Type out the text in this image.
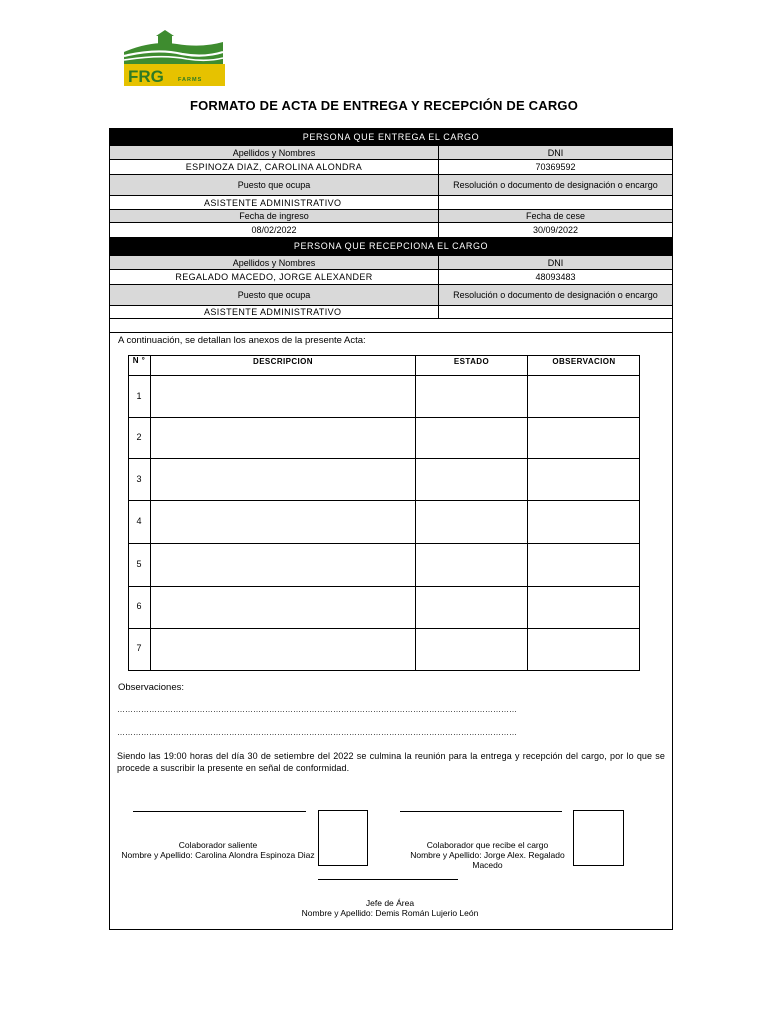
FRG	FARMS
FORMATO DE ACTA DE ENTREGA Y RECEPCIÓN DE CARGO
PERSONA QUE ENTREGA EL CARGO
Apellidos y Nombres	DNI
ESPINOZA DIAZ, CAROLINA ALONDRA	70369592
Puesto que ocupa	Resolución o documento de designación o encargo
ASISTENTE ADMINISTRATIVO
Fecha de ingreso	Fecha de cese
08/02/2022	30/09/2022
PERSONA QUE RECEPCIONA EL CARGO
Apellidos y Nombres	DNI
REGALADO MACEDO, JORGE ALEXANDER	48093483
Puesto que ocupa	Resolución o documento de designación o encargo
ASISTENTE ADMINISTRATIVO
A continuación, se detallan los anexos de la presente Acta:
N °	DESCRIPCION	ESTADO	OBSERVACION
1
2
3
4
5
6
7
Observaciones:
……………………………………………………………………………………………………………………………………
……………………………………………………………………………………………………………………………………
Siendo las 19:00 horas del día 30 de setiembre del 2022 se culmina la reunión para la entrega y recepción del cargo, por lo que se procede a suscribir la presente en señal de conformidad.
Colaborador saliente
Nombre y Apellido: Carolina Alondra Espinoza Diaz
Colaborador que recibe el cargo
Nombre y Apellido: Jorge Alex. Regalado Macedo
Jefe de Área
Nombre y Apellido: Demis Román Lujerio León
